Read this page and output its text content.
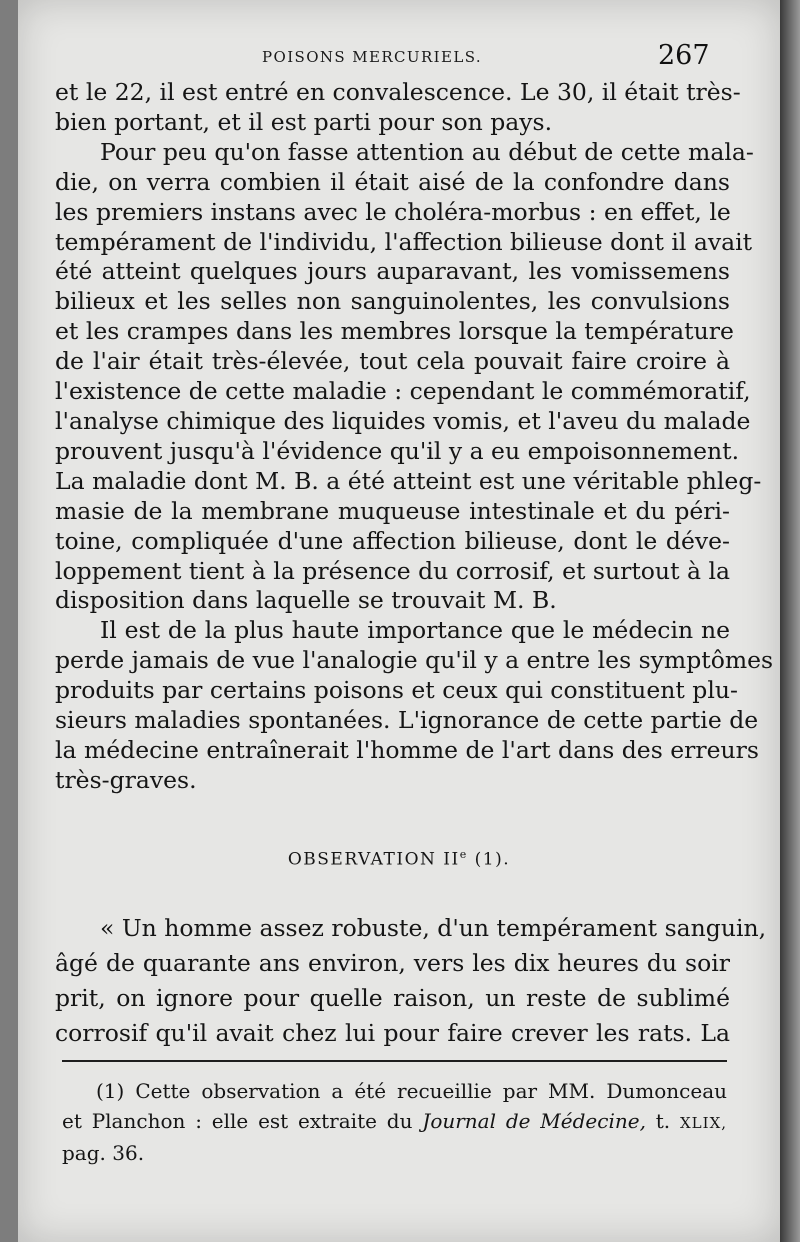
POISONS MERCURIELS.	267
et le 22, il est entré en convalescence. Le 30, il était très-
bien portant, et il est parti pour son pays.
Pour peu qu'on fasse attention au début de cette mala-
die, on verra combien il était aisé de la confondre dans
les premiers instans avec le choléra-morbus : en effet, le
tempérament de l'individu, l'affection bilieuse dont il avait
été atteint quelques jours auparavant, les vomissemens
bilieux et les selles non sanguinolentes, les convulsions
et les crampes dans les membres lorsque la température
de l'air était très-élevée, tout cela pouvait faire croire à
l'existence de cette maladie : cependant le commémoratif,
l'analyse chimique des liquides vomis, et l'aveu du malade
prouvent jusqu'à l'évidence qu'il y a eu empoisonnement.
La maladie dont M. B. a été atteint est une véritable phleg-
masie de la membrane muqueuse intestinale et du péri-
toine, compliquée d'une affection bilieuse, dont le déve-
loppement tient à la présence du corrosif, et surtout à la
disposition dans laquelle se trouvait M. B.
Il est de la plus haute importance que le médecin ne
perde jamais de vue l'analogie qu'il y a entre les symptômes
produits par certains poisons et ceux qui constituent plu-
sieurs maladies spontanées. L'ignorance de cette partie de
la médecine entraînerait l'homme de l'art dans des erreurs
très-graves.
OBSERVATION IIe (1).
« Un homme assez robuste, d'un tempérament sanguin,
âgé de quarante ans environ, vers les dix heures du soir
prit, on ignore pour quelle raison, un reste de sublimé
corrosif qu'il avait chez lui pour faire crever les rats. La
(1) Cette observation a été recueillie par MM. Dumonceau
et Planchon : elle est extraite du Journal de Médecine, t. XLIX,
pag. 36.
